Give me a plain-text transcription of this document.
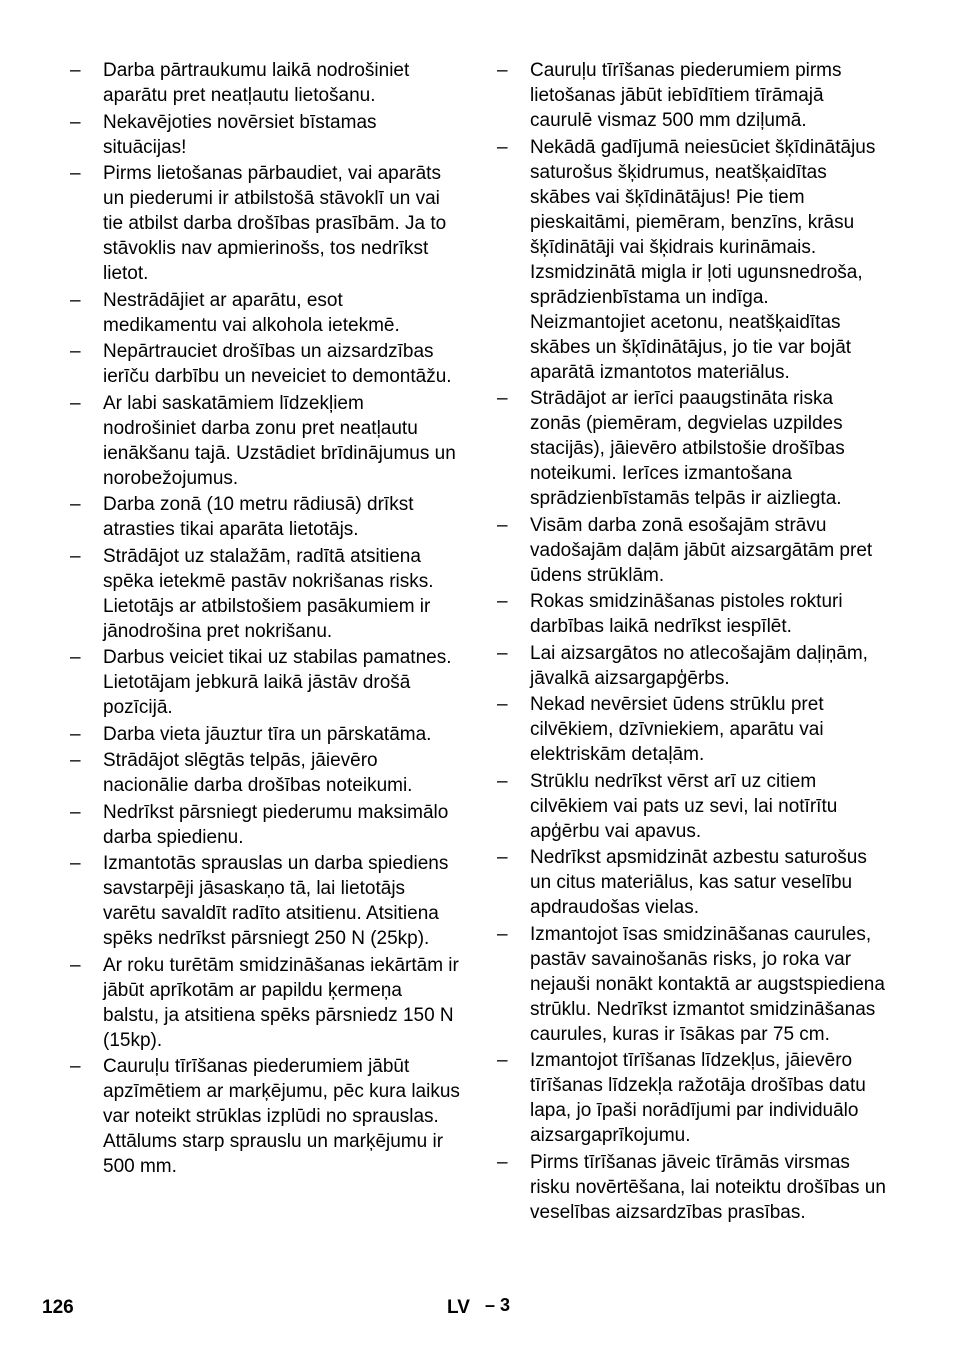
–	Darba pārtraukumu laikā nodrošiniet aparātu pret neatļautu lietošanu.
–	Nekavējoties novērsiet bīstamas situācijas!
–	Pirms lietošanas pārbaudiet, vai aparāts un piederumi ir atbilstošā stāvoklī un vai tie atbilst darba drošības prasībām. Ja to stāvoklis nav apmierinošs, tos nedrīkst lietot.
–	Nestrādājiet ar aparātu, esot medikamentu vai alkohola ietekmē.
–	Nepārtrauciet drošības un aizsardzības ierīču darbību un neveiciet to demontāžu.
–	Ar labi saskatāmiem līdzekļiem nodrošiniet darba zonu pret neatļautu ienākšanu tajā. Uzstādiet brīdinājumus un norobežojumus.
–	Darba zonā (10 metru rādiusā) drīkst atrasties tikai aparāta lietotājs.
–	Strādājot uz stalažām, radītā atsitiena spēka ietekmē pastāv nokrišanas risks. Lietotājs ar atbilstošiem pasākumiem ir jānodrošina pret nokrišanu.
–	Darbus veiciet tikai uz stabilas pamatnes. Lietotājam jebkurā laikā jāstāv drošā pozīcijā.
–	Darba vieta jāuztur tīra un pārskatāma.
–	Strādājot slēgtās telpās, jāievēro nacionālie darba drošības noteikumi.
–	Nedrīkst pārsniegt piederumu maksimālo darba spiedienu.
–	Izmantotās sprauslas un darba spiediens savstarpēji jāsaskaņo tā, lai lietotājs varētu savaldīt radīto atsitienu. Atsitiena spēks nedrīkst pārsniegt 250 N (25kp).
–	Ar roku turētām smidzināšanas iekārtām ir jābūt aprīkotām ar papildu ķermeņa balstu, ja atsitiena spēks pārsniedz 150 N (15kp).
–	Cauruļu tīrīšanas piederumiem jābūt apzīmētiem ar marķējumu, pēc kura laikus var noteikt strūklas izplūdi no sprauslas. Attālums starp sprauslu un marķējumu ir 500 mm.
–	Cauruļu tīrīšanas piederumiem pirms lietošanas jābūt iebīdītiem tīrāmajā caurulē vismaz 500 mm dziļumā.
–	Nekādā gadījumā neiesūciet šķīdinātājus saturošus šķidrumus, neatšķaidītas skābes vai šķīdinātājus! Pie tiem pieskaitāmi, piemēram, benzīns, krāsu šķīdinātāji vai šķidrais kurināmais. Izsmidzinātā migla ir ļoti ugunsnedroša, sprādzienbīstama un indīga. Neizmantojiet acetonu, neatšķaidītas skābes un šķīdinātājus, jo tie var bojāt aparātā izmantotos materiālus.
–	Strādājot ar ierīci paaugstināta riska zonās (piemēram, degvielas uzpildes stacijās), jāievēro atbilstošie drošības noteikumi. Ierīces izmantošana sprādzienbīstamās telpās ir aizliegta.
–	Visām darba zonā esošajām strāvu vadošajām daļām jābūt aizsargātām pret ūdens strūklām.
–	Rokas smidzināšanas pistoles rokturi darbības laikā nedrīkst iespīlēt.
–	Lai aizsargātos no atlecošajām daļiņām, jāvalkā aizsargapģērbs.
–	Nekad nevērsiet ūdens strūklu pret cilvēkiem, dzīvniekiem, aparātu vai elektriskām detaļām.
–	Strūklu nedrīkst vērst arī uz citiem cilvēkiem vai pats uz sevi, lai notīrītu apģērbu vai apavus.
–	Nedrīkst apsmidzināt azbestu saturošus un citus materiālus, kas satur veselību apdraudošas vielas.
–	Izmantojot īsas smidzināšanas caurules, pastāv savainošanās risks, jo roka var nejauši nonākt kontaktā ar augstspiediena strūklu. Nedrīkst izmantot smidzināšanas caurules, kuras ir īsākas par 75 cm.
–	Izmantojot tīrīšanas līdzekļus, jāievēro tīrīšanas līdzekļa ražotāja drošības datu lapa, jo īpaši norādījumi par individuālo aizsargaprīkojumu.
–	Pirms tīrīšanas jāveic tīrāmās virsmas risku novērtēšana, lai noteiktu drošības un veselības aizsardzības prasības.
126	LV – 3
